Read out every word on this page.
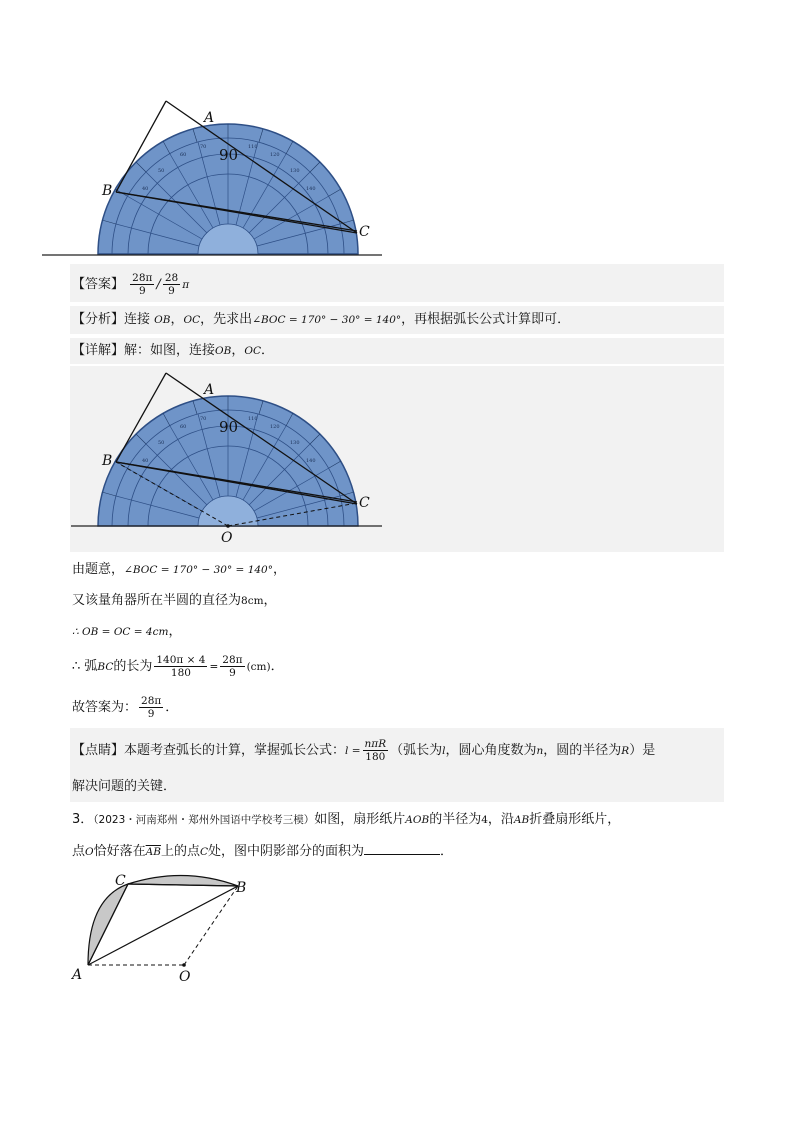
60
50
40
120
130
140
70	110
90
A
B
C
【答案】 $\frac{28\pi}{9} / \frac{28}{9}$ π
【分析】连接 OB，OC，先求出∠BOC = 170° − 30° = 140°，再根据弧长公式计算即可．
【详解】解：如图，连接OB，OC．
60
50
40
120
130
140
70	110
90
A
B
C
O
由题意，∠BOC = 170° − 30° = 140°，
又该量角器所在半圆的直径为8cm，
∴ OB = OC = 4cm，
∴ 弧BC的长为 $\frac{140\pi \times 4}{180} = \frac{28\pi}{9} (cm)$．
故答案为： $\frac{28\pi}{9}$ ．
【点睛】本题考查弧长的计算，掌握弧长公式：$l = \frac{\text{nπR}}{180}$ （弧长为l，圆心角度数为n，圆的半径为R）是
解决问题的关键．
3．（2023・河南郑州・郑州外国语中学校考三模）如图，扇形纸片AOB的半径为4，沿AB折叠扇形纸片，
点O恰好落在$\overline{AB}$上的点C处，图中阴影部分的面积为	．
A
B
C
O
